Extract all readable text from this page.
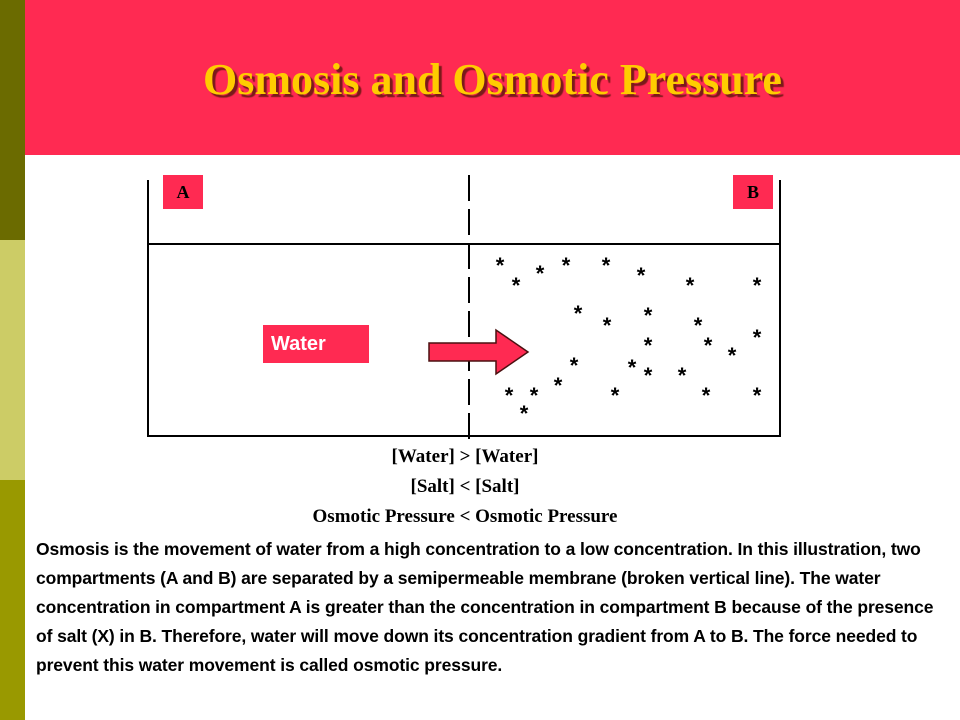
Osmosis and Osmotic Pressure
A	B
Water
* * * *
*	* *	*
* * * * *
* * *
* * * *
*
* *	*	* *
*
[Water] > [Water]
[Salt] < [Salt]
Osmotic Pressure < Osmotic Pressure

Osmosis is the movement of water from a high concentration to a low concentration. In this illustration, two compartments (A and B) are separated by a semipermeable membrane (broken vertical line). The water concentration in compartment A is greater than the concentration in compartment B because of the presence of salt (X) in B. Therefore, water will move down its concentration gradient from A to B. The force needed to prevent this water movement is called osmotic pressure.
